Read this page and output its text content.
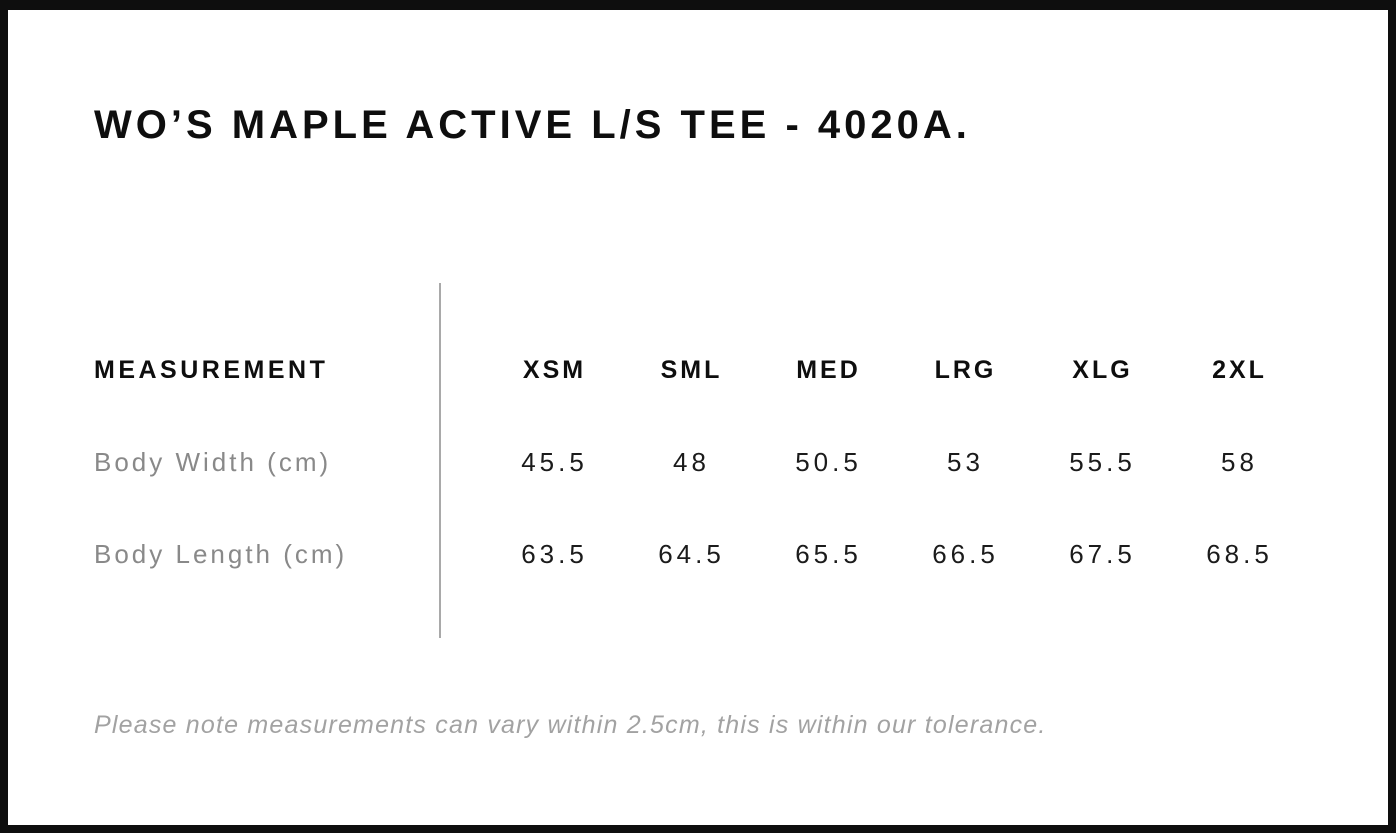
WO’S MAPLE ACTIVE L/S TEE - 4020A.
MEASUREMENT	XSM	SML	MED	LRG	XLG	2XL
Body Width (cm)	45.5	48	50.5	53	55.5	58
Body Length (cm)	63.5	64.5	65.5	66.5	67.5	68.5

Please note measurements can vary within 2.5cm, this is within our tolerance.
